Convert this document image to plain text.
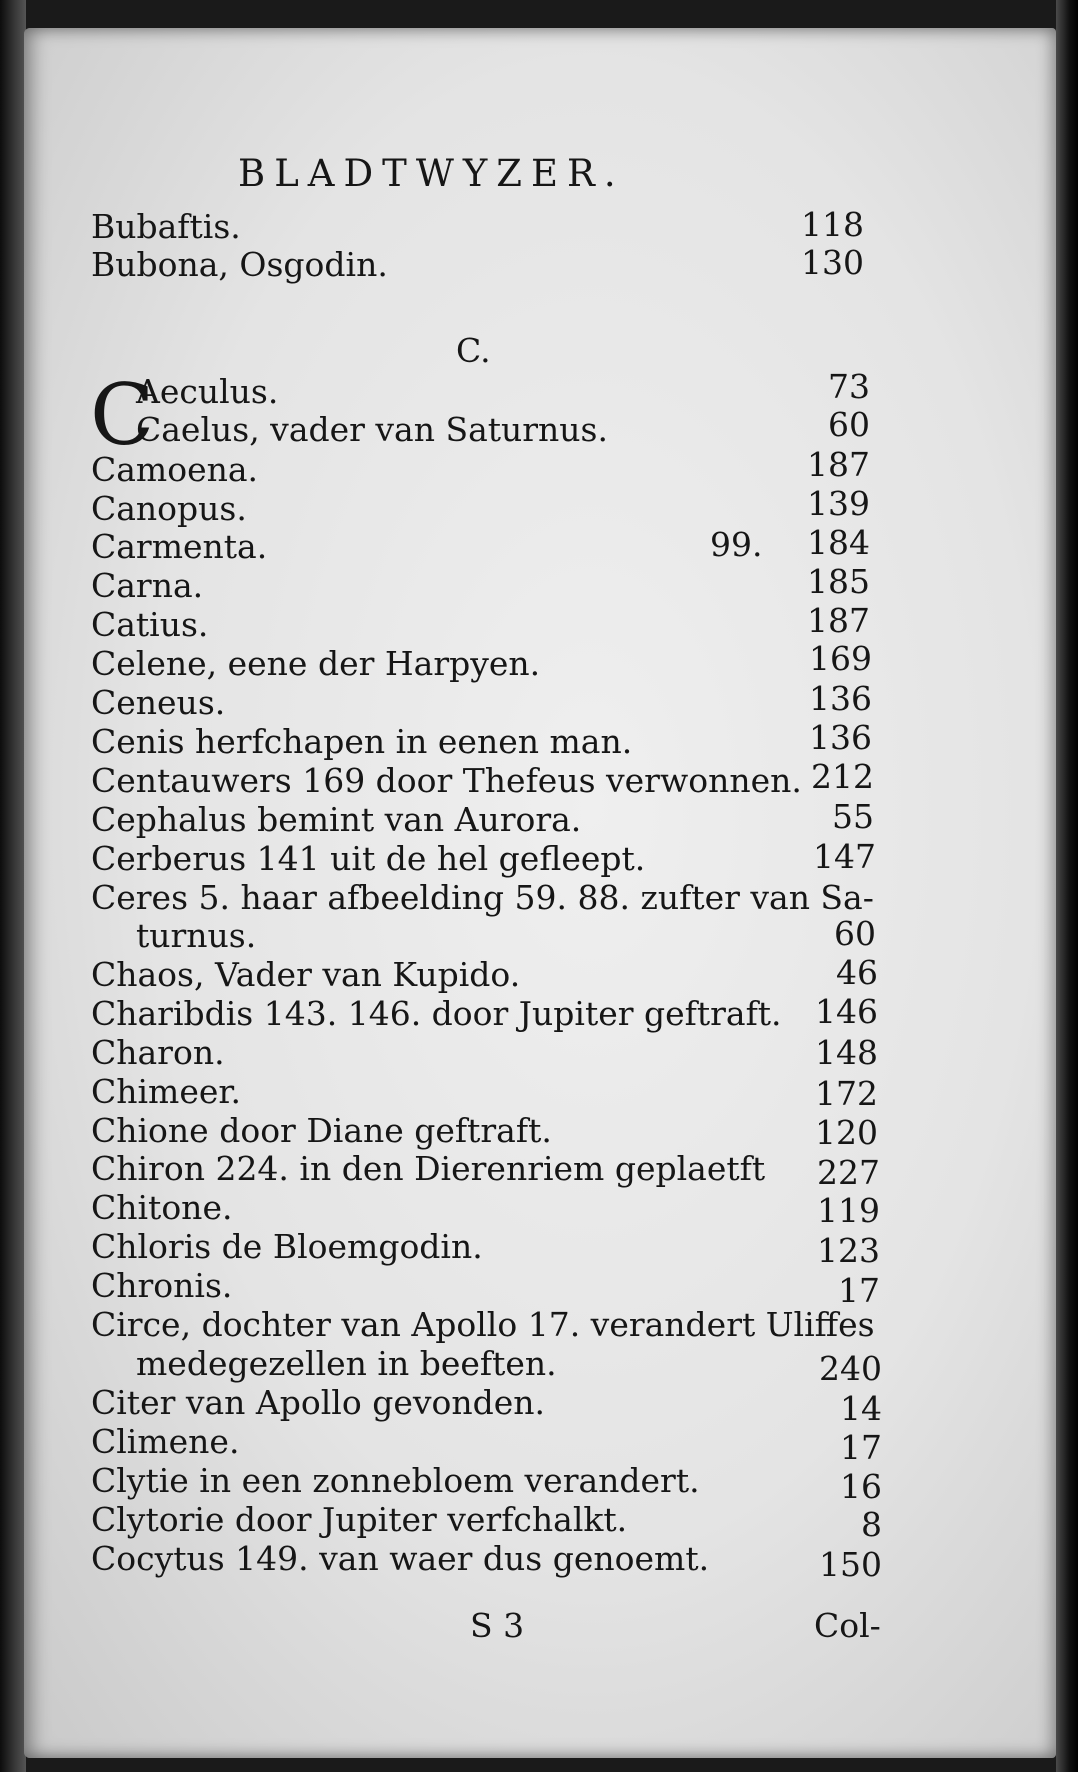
BLADTWYZER.
Bubaftis.	118
Bubona, Osgodin.	130
C.
C
Aeculus.	73
Caelus, vader van Saturnus.	60
Camoena.	187
Canopus.	139
Carmenta.	99.	184
Carna.	185
Catius.	187
Celene, eene der Harpyen.	169
Ceneus.	136
Cenis herfchapen in eenen man.	136
Centauwers 169 door Thefeus verwonnen. 212
Cephalus bemint van Aurora.	55
Cerberus 141 uit de hel gefleept.	147
Ceres 5. haar afbeelding 59. 88. zufter van Sa-
turnus.	60
Chaos, Vader van Kupido.	46
Charibdis 143. 146. door Jupiter geftraft.	146
Charon.	148
Chimeer.	172
Chione door Diane geftraft.	120
Chiron 224. in den Dierenriem geplaetft	227
Chitone.	119
Chloris de Bloemgodin.	123
Chronis.	17
Circe, dochter van Apollo 17. verandert Uliffes
medegezellen in beeften.	240
Citer van Apollo gevonden.	14
Climene.	17
Clytie in een zonnebloem verandert.	16
Clytorie door Jupiter verfchalkt.	8
Cocytus 149. van waer dus genoemt.	150
S 3	Col-
